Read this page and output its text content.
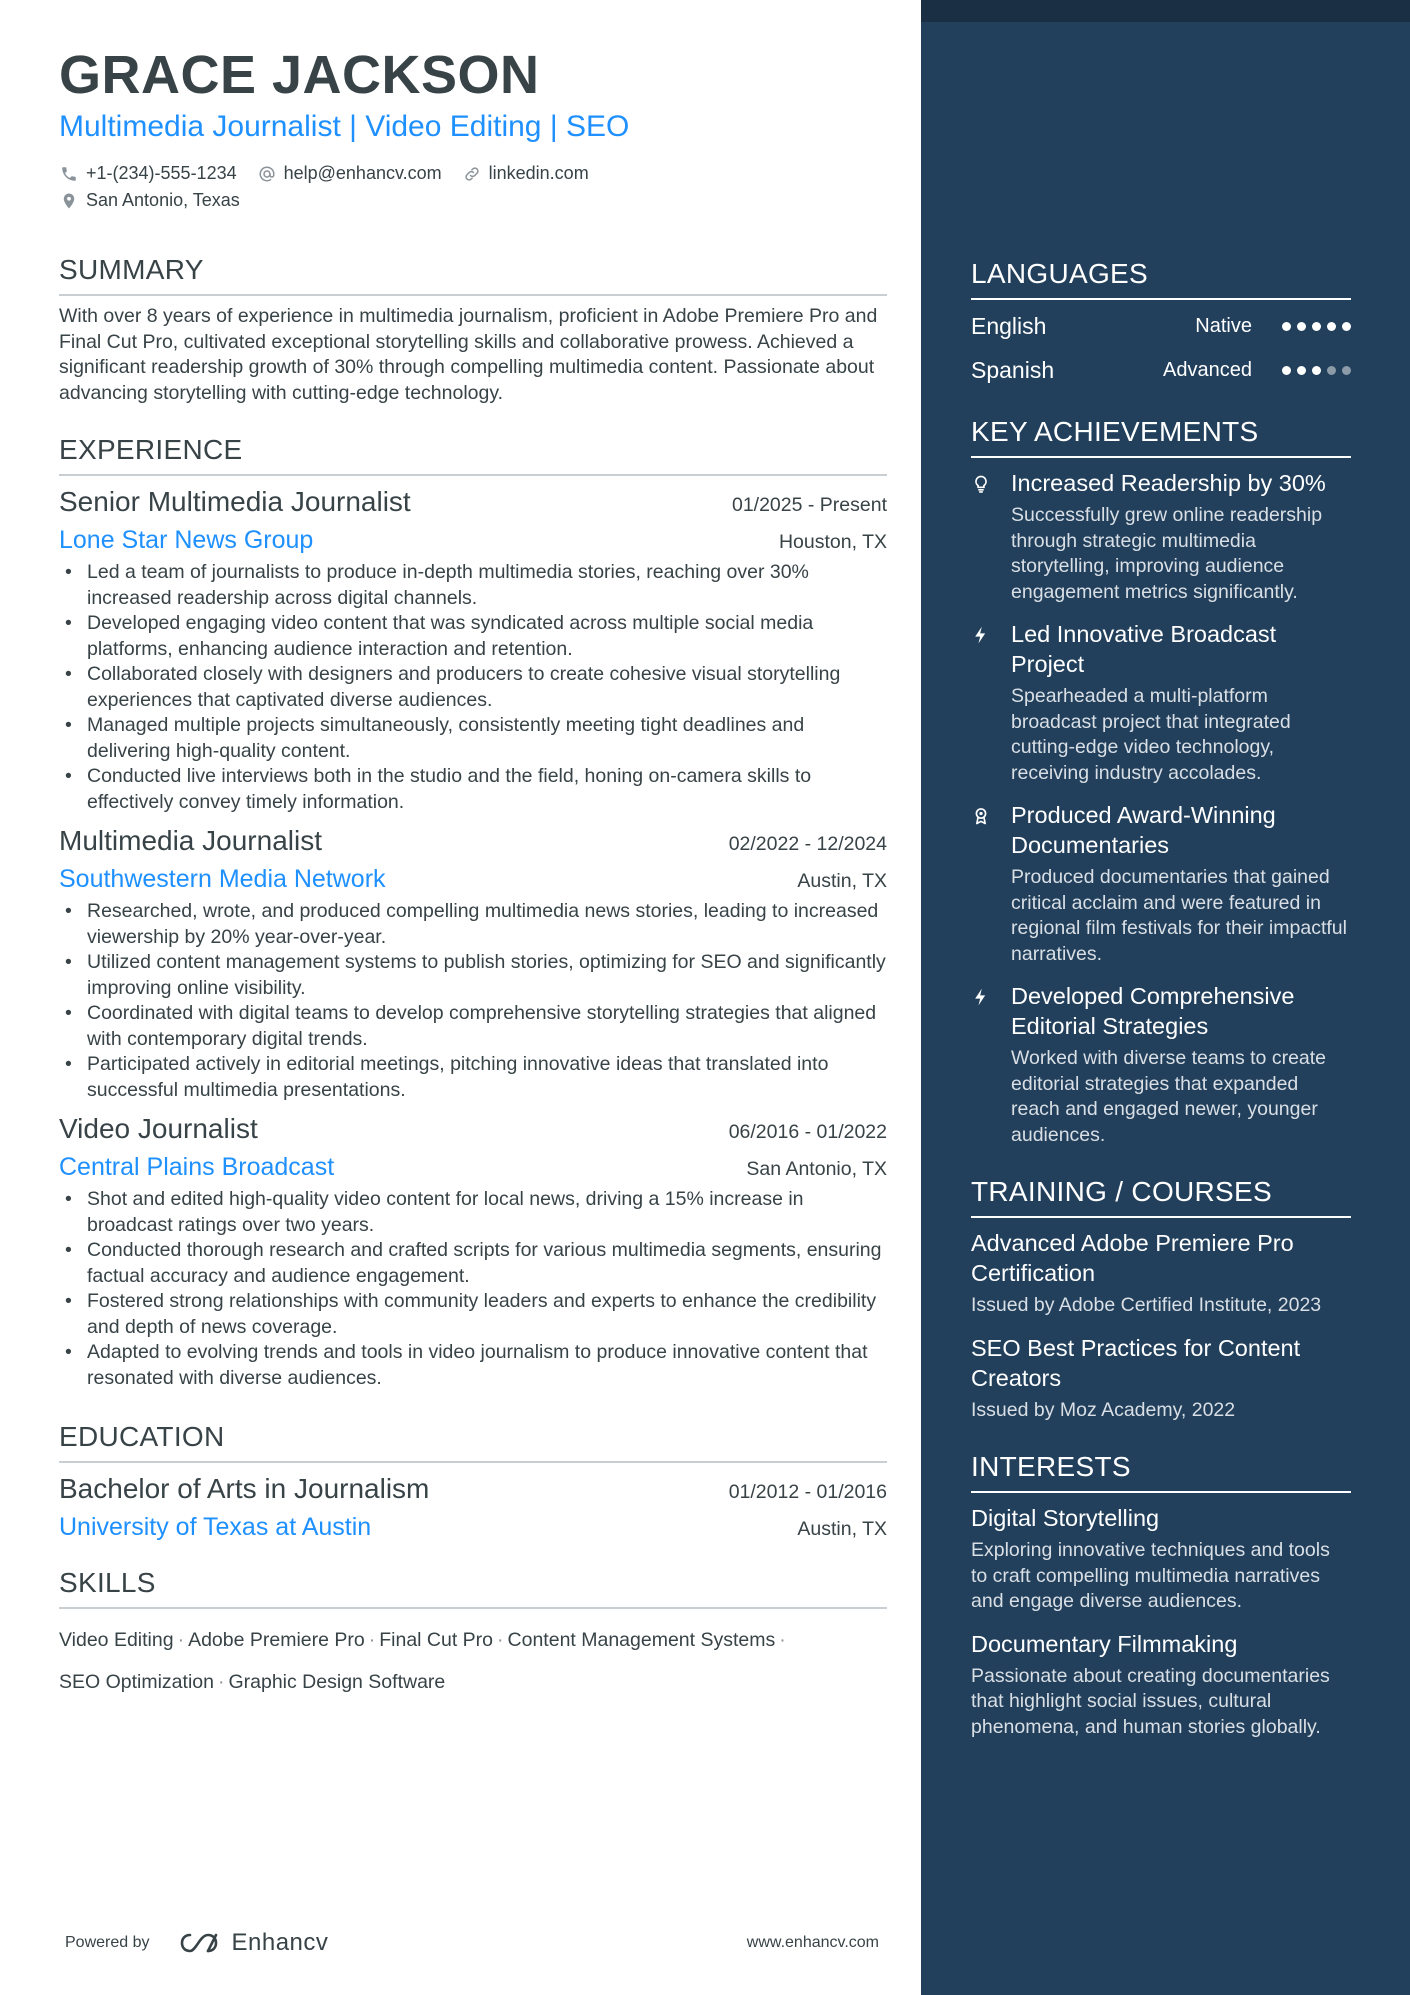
GRACE JACKSON
Multimedia Journalist | Video Editing | SEO
+1-(234)-555-1234	help@enhancv.com	linkedin.com
San Antonio, Texas
SUMMARY
With over 8 years of experience in multimedia journalism, proficient in Adobe Premiere Pro and Final Cut Pro, cultivated exceptional storytelling skills and collaborative prowess. Achieved a significant readership growth of 30% through compelling multimedia content. Passionate about advancing storytelling with cutting-edge technology.
EXPERIENCE
Senior Multimedia Journalist	01/2025 - Present
Lone Star News Group	Houston, TX
• Led a team of journalists to produce in-depth multimedia stories, reaching over 30% increased readership across digital channels.
• Developed engaging video content that was syndicated across multiple social media platforms, enhancing audience interaction and retention.
• Collaborated closely with designers and producers to create cohesive visual storytelling experiences that captivated diverse audiences.
• Managed multiple projects simultaneously, consistently meeting tight deadlines and delivering high-quality content.
• Conducted live interviews both in the studio and the field, honing on-camera skills to effectively convey timely information.
Multimedia Journalist	02/2022 - 12/2024
Southwestern Media Network	Austin, TX
• Researched, wrote, and produced compelling multimedia news stories, leading to increased viewership by 20% year-over-year.
• Utilized content management systems to publish stories, optimizing for SEO and significantly improving online visibility.
• Coordinated with digital teams to develop comprehensive storytelling strategies that aligned with contemporary digital trends.
• Participated actively in editorial meetings, pitching innovative ideas that translated into successful multimedia presentations.
Video Journalist	06/2016 - 01/2022
Central Plains Broadcast	San Antonio, TX
• Shot and edited high-quality video content for local news, driving a 15% increase in broadcast ratings over two years.
• Conducted thorough research and crafted scripts for various multimedia segments, ensuring factual accuracy and audience engagement.
• Fostered strong relationships with community leaders and experts to enhance the credibility and depth of news coverage.
• Adapted to evolving trends and tools in video journalism to produce innovative content that resonated with diverse audiences.
EDUCATION
Bachelor of Arts in Journalism	01/2012 - 01/2016
University of Texas at Austin	Austin, TX
SKILLS
Video Editing · Adobe Premiere Pro · Final Cut Pro · Content Management Systems ·
SEO Optimization · Graphic Design Software
Powered by	Enhancv	www.enhancv.com
LANGUAGES
English	Native
Spanish	Advanced
KEY ACHIEVEMENTS
Increased Readership by 30%
Successfully grew online readership through strategic multimedia storytelling, improving audience engagement metrics significantly.
Led Innovative Broadcast Project
Spearheaded a multi-platform broadcast project that integrated cutting-edge video technology, receiving industry accolades.
Produced Award-Winning Documentaries
Produced documentaries that gained critical acclaim and were featured in regional film festivals for their impactful narratives.
Developed Comprehensive Editorial Strategies
Worked with diverse teams to create editorial strategies that expanded reach and engaged newer, younger audiences.
TRAINING / COURSES
Advanced Adobe Premiere Pro Certification
Issued by Adobe Certified Institute, 2023
SEO Best Practices for Content Creators
Issued by Moz Academy, 2022
INTERESTS
Digital Storytelling
Exploring innovative techniques and tools to craft compelling multimedia narratives and engage diverse audiences.
Documentary Filmmaking
Passionate about creating documentaries that highlight social issues, cultural phenomena, and human stories globally.
